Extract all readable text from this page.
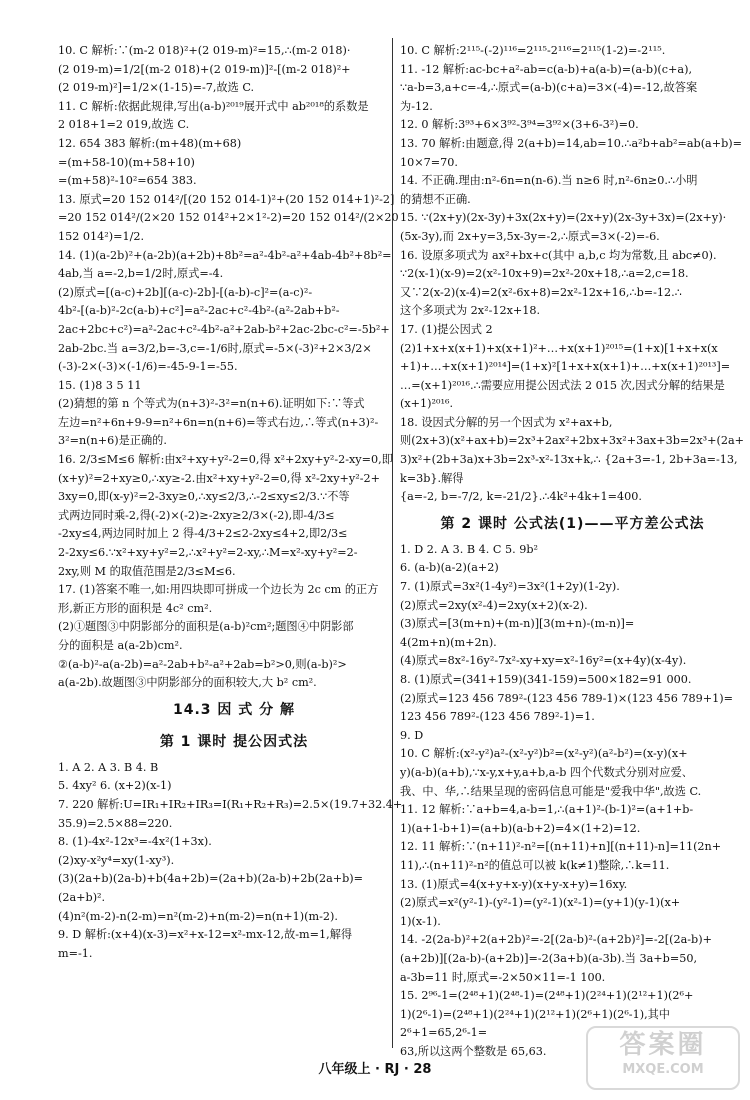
10. C 解析:∵(m-2 018)²+(2 019-m)²=15,∴(m-2 018)·

(2 019-m)=1/2[(m-2 018)+(2 019-m)]²-[(m-2 018)²+

(2 019-m)²]=1/2×(1-15)=-7,故选 C.

11. C 解析:依据此规律,写出(a-b)²⁰¹⁹展开式中 ab²⁰¹⁸的系数是

2 018+1=2 019,故选 C.

12. 654 383 解析:(m+48)(m+68)

=(m+58-10)(m+58+10)

=(m+58)²-10²=654 383.

13. 原式=20 152 014²/[(20 152 014-1)²+(20 152 014+1)²-2]

=20 152 014²/(2×20 152 014²+2×1²-2)=20 152 014²/(2×20 152 014²)=1/2.

14. (1)(a-2b)²+(a-2b)(a+2b)+8b²=a²-4b²-a²+4ab-4b²+8b²=

4ab,当 a=-2,b=1/2时,原式=-4.

(2)原式=[(a-c)+2b][(a-c)-2b]-[(a-b)-c]²=(a-c)²-

4b²-[(a-b)²-2c(a-b)+c²]=a²-2ac+c²-4b²-(a²-2ab+b²-

2ac+2bc+c²)=a²-2ac+c²-4b²-a²+2ab-b²+2ac-2bc-c²=-5b²+

2ab-2bc.当 a=3/2,b=-3,c=-1/6时,原式=-5×(-3)²+2×3/2×

(-3)-2×(-3)×(-1/6)=-45-9-1=-55.

15. (1)8 3 5 11

(2)猜想的第 n 个等式为(n+3)²-3²=n(n+6).证明如下:∵等式

左边=n²+6n+9-9=n²+6n=n(n+6)=等式右边,∴等式(n+3)²-

3²=n(n+6)是正确的.

16. 2/3≤M≤6 解析:由x²+xy+y²-2=0,得 x²+2xy+y²-2-xy=0,即

(x+y)²=2+xy≥0,∴xy≥-2.由x²+xy+y²-2=0,得 x²-2xy+y²-2+

3xy=0,即(x-y)²=2-3xy≥0,∴xy≤2/3,∴-2≤xy≤2/3.∵不等

式两边同时乘-2,得(-2)×(-2)≥-2xy≥2/3×(-2),即-4/3≤

-2xy≤4,两边同时加上 2 得-4/3+2≤2-2xy≤4+2,即2/3≤

2-2xy≤6.∵x²+xy+y²=2,∴x²+y²=2-xy,∴M=x²-xy+y²=2-

2xy,则 M 的取值范围是2/3≤M≤6.

17. (1)答案不唯一,如:用四块即可拼成一个边长为 2c cm 的正方

形,新正方形的面积是 4c² cm².

(2)①题图③中阴影部分的面积是(a-b)²cm²;题图④中阴影部

分的面积是 a(a-2b)cm².

②(a-b)²-a(a-2b)=a²-2ab+b²-a²+2ab=b²>0,则(a-b)²>

a(a-2b).故题图③中阴影部分的面积较大,大 b² cm².

14.3 因 式 分 解
第 1 课时 提公因式法

1. A 2. A 3. B 4. B

5. 4xy² 6. (x+2)(x-1)

7. 220 解析:U=IR₁+IR₂+IR₃=I(R₁+R₂+R₃)=2.5×(19.7+32.4+

35.9)=2.5×88=220.

8. (1)-4x²-12x³=-4x²(1+3x).

(2)xy-x²y⁴=xy(1-xy³).

(3)(2a+b)(2a-b)+b(4a+2b)=(2a+b)(2a-b)+2b(2a+b)=(2a+b)².

(4)n²(m-2)-n(2-m)=n²(m-2)+n(m-2)=n(n+1)(m-2).

9. D 解析:(x+4)(x-3)=x²+x-12=x²-mx-12,故-m=1,解得

m=-1.

10. C 解析:2¹¹⁵-(-2)¹¹⁶=2¹¹⁵-2¹¹⁶=2¹¹⁵(1-2)=-2¹¹⁵.

11. -12 解析:ac-bc+a²-ab=c(a-b)+a(a-b)=(a-b)(c+a),

∵a-b=3,a+c=-4,∴原式=(a-b)(c+a)=3×(-4)=-12,故答案

为-12.

12. 0 解析:3⁹³+6×3⁹²-3⁹⁴=3⁹²×(3+6-3²)=0.

13. 70 解析:由题意,得 2(a+b)=14,ab=10.∴a²b+ab²=ab(a+b)=

10×7=70.

14. 不正确.理由:n²-6n=n(n-6).当 n≥6 时,n²-6n≥0.∴小明

的猜想不正确.

15. ∵(2x+y)(2x-3y)+3x(2x+y)=(2x+y)(2x-3y+3x)=(2x+y)·

(5x-3y),而 2x+y=3,5x-3y=-2,∴原式=3×(-2)=-6.

16. 设原多项式为 ax²+bx+c(其中 a,b,c 均为常数,且 abc≠0).

∵2(x-1)(x-9)=2(x²-10x+9)=2x²-20x+18,∴a=2,c=18.

又∵2(x-2)(x-4)=2(x²-6x+8)=2x²-12x+16,∴b=-12.∴

这个多项式为 2x²-12x+18.

17. (1)提公因式 2

(2)1+x+x(x+1)+x(x+1)²+…+x(x+1)²⁰¹⁵=(1+x)[1+x+x(x

+1)+…+x(x+1)²⁰¹⁴]=(1+x)²[1+x+x(x+1)+…+x(x+1)²⁰¹³]=

…=(x+1)²⁰¹⁶.∴需要应用提公因式法 2 015 次,因式分解的结果是

(x+1)²⁰¹⁶.

18. 设因式分解的另一个因式为 x²+ax+b,

则(2x+3)(x²+ax+b)=2x³+2ax²+2bx+3x²+3ax+3b=2x³+(2a+

3)x²+(2b+3a)x+3b=2x³-x²-13x+k,∴ {2a+3=-1, 2b+3a=-13, k=3b}.解得

{a=-2, b=-7/2, k=-21/2}.∴4k²+4k+1=400.

第 2 课时 公式法(1)——平方差公式法

1. D 2. A 3. B 4. C 5. 9b²

6. (a-b)(a-2)(a+2)

7. (1)原式=3x²(1-4y²)=3x²(1+2y)(1-2y).

(2)原式=2xy(x²-4)=2xy(x+2)(x-2).

(3)原式=[3(m+n)+(m-n)][3(m+n)-(m-n)]=

4(2m+n)(m+2n).

(4)原式=8x²-16y²-7x²-xy+xy=x²-16y²=(x+4y)(x-4y).

8. (1)原式=(341+159)(341-159)=500×182=91 000.

(2)原式=123 456 789²-(123 456 789-1)×(123 456 789+1)=

123 456 789²-(123 456 789²-1)=1.

9. D

10. C 解析:(x²-y²)a²-(x²-y²)b²=(x²-y²)(a²-b²)=(x-y)(x+

y)(a-b)(a+b),∵x-y,x+y,a+b,a-b 四个代数式分别对应爱、

我、中、华,∴结果呈现的密码信息可能是"爱我中华",故选 C.

11. 12 解析:∵a+b=4,a-b=1,∴(a+1)²-(b-1)²=(a+1+b-

1)(a+1-b+1)=(a+b)(a-b+2)=4×(1+2)=12.

12. 11 解析:∵(n+11)²-n²=[(n+11)+n][(n+11)-n]=11(2n+

11),∴(n+11)²-n²的值总可以被 k(k≠1)整除,∴k=11.

13. (1)原式=4(x+y+x-y)(x+y-x+y)=16xy.

(2)原式=x²(y²-1)-(y²-1)=(y²-1)(x²-1)=(y+1)(y-1)(x+

1)(x-1).

14. -2(2a-b)²+2(a+2b)²=-2[(2a-b)²-(a+2b)²]=-2[(2a-b)+

(a+2b)][(2a-b)-(a+2b)]=-2(3a+b)(a-3b).当 3a+b=50,

a-3b=11 时,原式=-2×50×11=-1 100.

15. 2⁹⁶-1=(2⁴⁸+1)(2⁴⁸-1)=(2⁴⁸+1)(2²⁴+1)(2¹²+1)(2⁶+

1)(2⁶-1)=(2⁴⁸+1)(2²⁴+1)(2¹²+1)(2⁶+1)(2⁶-1),其中 2⁶+1=65,2⁶-1=

63,所以这两个整数是 65,63.

八年级上 · RJ · 28
答案圈
MXQE.COM
